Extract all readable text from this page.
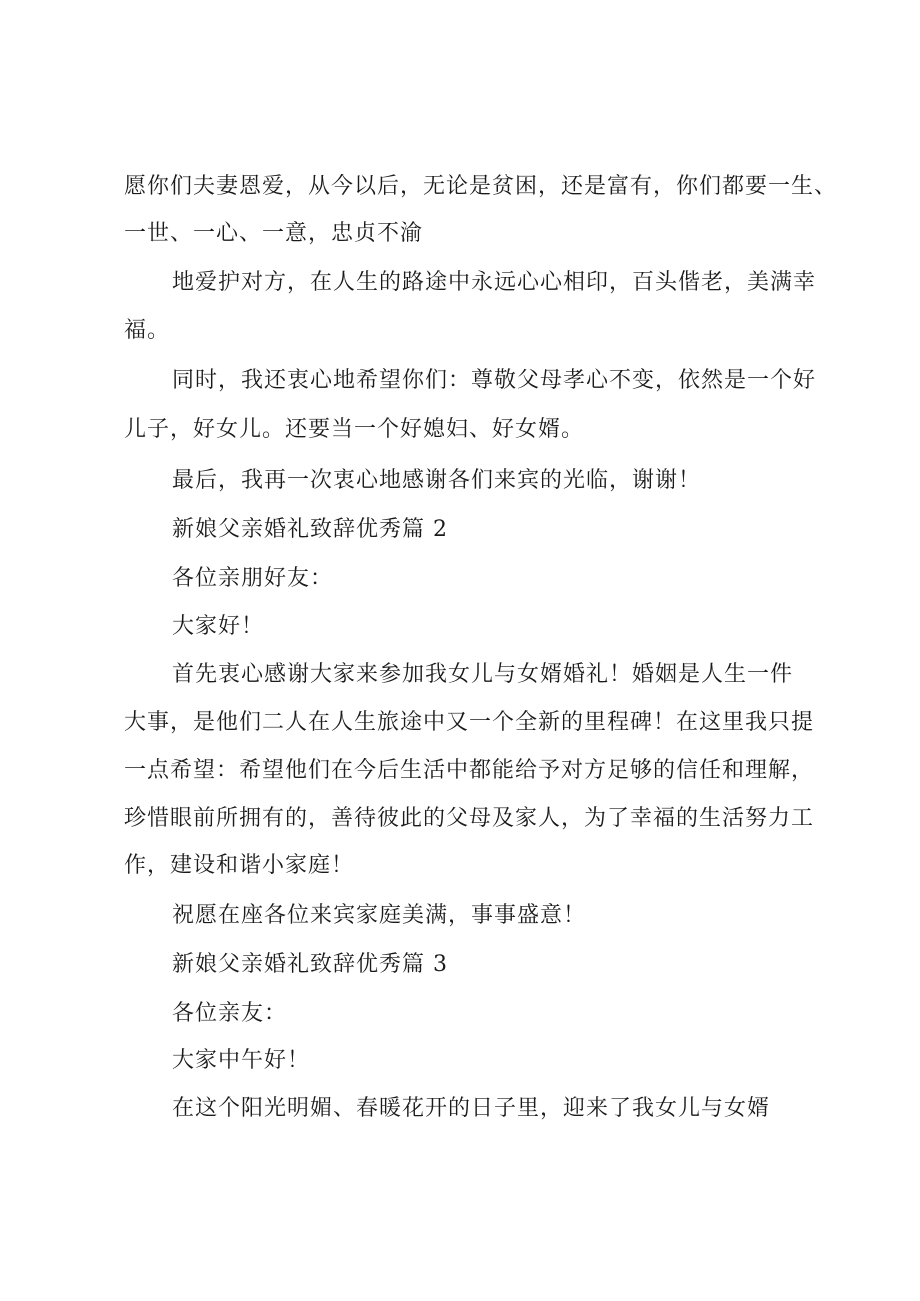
愿你们夫妻恩爱，从今以后，无论是贫困，还是富有，你们都要一生、
一世、一心、一意，忠贞不渝
地爱护对方，在人生的路途中永远心心相印，百头偕老，美满幸
福。
同时，我还衷心地希望你们：尊敬父母孝心不变，依然是一个好
儿子，好女儿。还要当一个好媳妇、好女婿。
最后，我再一次衷心地感谢各们来宾的光临，谢谢！
新娘父亲婚礼致辞优秀篇 2
各位亲朋好友：
大家好！
首先衷心感谢大家来参加我女儿与女婿婚礼！婚姻是人生一件
大事，是他们二人在人生旅途中又一个全新的里程碑！在这里我只提
一点希望：希望他们在今后生活中都能给予对方足够的信任和理解，
珍惜眼前所拥有的，善待彼此的父母及家人，为了幸福的生活努力工
作，建设和谐小家庭！
祝愿在座各位来宾家庭美满，事事盛意！
新娘父亲婚礼致辞优秀篇 3
各位亲友：
大家中午好！
在这个阳光明媚、春暖花开的日子里，迎来了我女儿与女婿
